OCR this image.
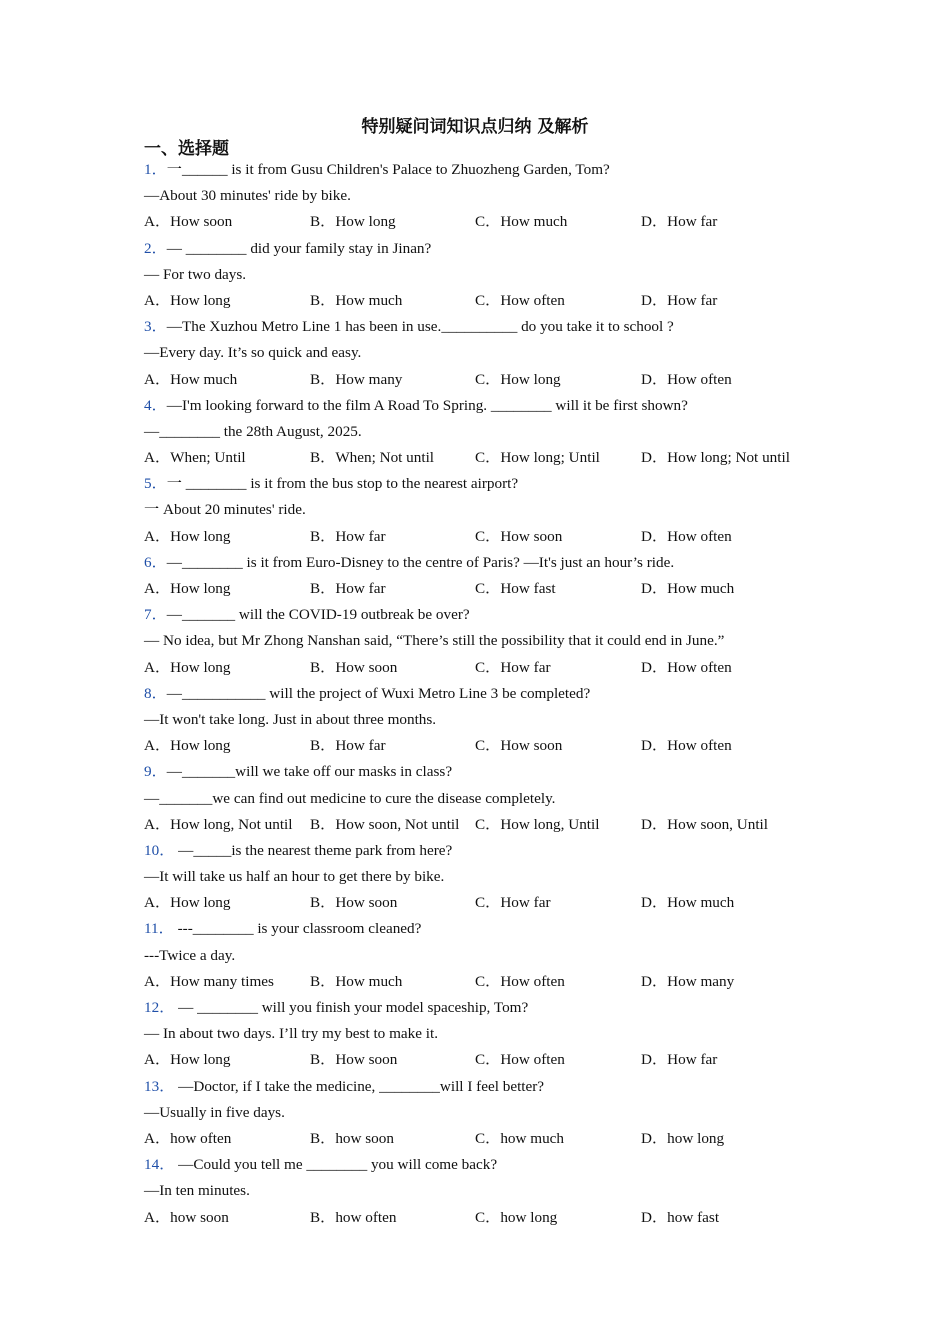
特别疑问词知识点归纳 及解析
一、选择题
1．一______ is it from Gusu Children's Palace to Zhuozheng Garden, Tom?
—About 30 minutes' ride by bike.
A．How soon	B．How long	C．How much	D．How far
2．— ________ did your family stay in Jinan?
— For two days.
A．How long	B．How much	C．How often	D．How far
3．—The Xuzhou Metro Line 1 has been in use.__________ do you take it to school ?
—Every day. It’s so quick and easy.
A．How much	B．How many	C．How long	D．How often
4．—I'm looking forward to the film A Road To Spring. ________ will it be first shown?
—________ the 28th August, 2025.
A．When; Until	B．When; Not until	C．How long; Until	D．How long; Not until
5．一 ________ is it from the bus stop to the nearest airport?
一 About 20 minutes' ride.
A．How long	B．How far	C．How soon	D．How often
6．—________ is it from Euro-Disney to the centre of Paris? —It's just an hour’s ride.
A．How long	B．How far	C．How fast	D．How much
7．—_______ will the COVID-19 outbreak be over?
— No idea, but Mr Zhong Nanshan said, “There’s still the possibility that it could end in June.”
A．How long	B．How soon	C．How far	D．How often
8．—___________ will the project of Wuxi Metro Line 3 be completed?
—It won't take long. Just in about three months.
A．How long	B．How far	C．How soon	D．How often
9．—_______will we take off our masks in class?
—_______we can find out medicine to cure the disease completely.
A．How long, Not until B．How soon, Not until C．How long, Until	D．How soon, Until
10． —_____is the nearest theme park from here?
—It will take us half an hour to get there by bike.
A．How long	B．How soon	C．How far	D．How much
11． ---________ is your classroom cleaned?
---Twice a day.
A．How many times B．How much	C．How often	D．How many
12． — ________ will you finish your model spaceship, Tom?
— In about two days. I’ll try my best to make it.
A．How long	B．How soon	C．How often	D．How far
13． —Doctor, if I take the medicine, ________will I feel better?
—Usually in five days.
A．how often	B．how soon	C．how much	D．how long
14． —Could you tell me ________ you will come back?
—In ten minutes.
A．how soon	B．how often	C．how long	D．how fast
